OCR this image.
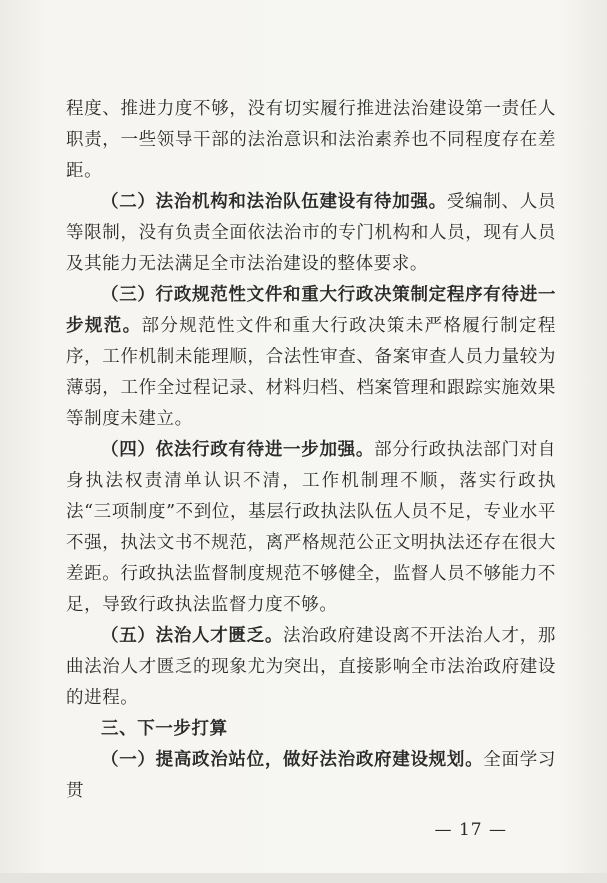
程度、推进力度不够，没有切实履行推进法治建设第一责任人职责，一些领导干部的法治意识和法治素养也不同程度存在差距。

（二）法治机构和法治队伍建设有待加强。受编制、人员等限制，没有负责全面依法治市的专门机构和人员，现有人员及其能力无法满足全市法治建设的整体要求。

（三）行政规范性文件和重大行政决策制定程序有待进一步规范。部分规范性文件和重大行政决策未严格履行制定程序，工作机制未能理顺，合法性审查、备案审查人员力量较为薄弱，工作全过程记录、材料归档、档案管理和跟踪实施效果等制度未建立。

（四）依法行政有待进一步加强。部分行政执法部门对自身执法权责清单认识不清，工作机制理不顺，落实行政执法“三项制度”不到位，基层行政执法队伍人员不足，专业水平不强，执法文书不规范，离严格规范公正文明执法还存在很大差距。行政执法监督制度规范不够健全，监督人员不够能力不足，导致行政执法监督力度不够。

（五）法治人才匮乏。法治政府建设离不开法治人才，那曲法治人才匮乏的现象尤为突出，直接影响全市法治政府建设的进程。

三、下一步打算

（一）提高政治站位，做好法治政府建设规划。全面学习贯

— 17 —
